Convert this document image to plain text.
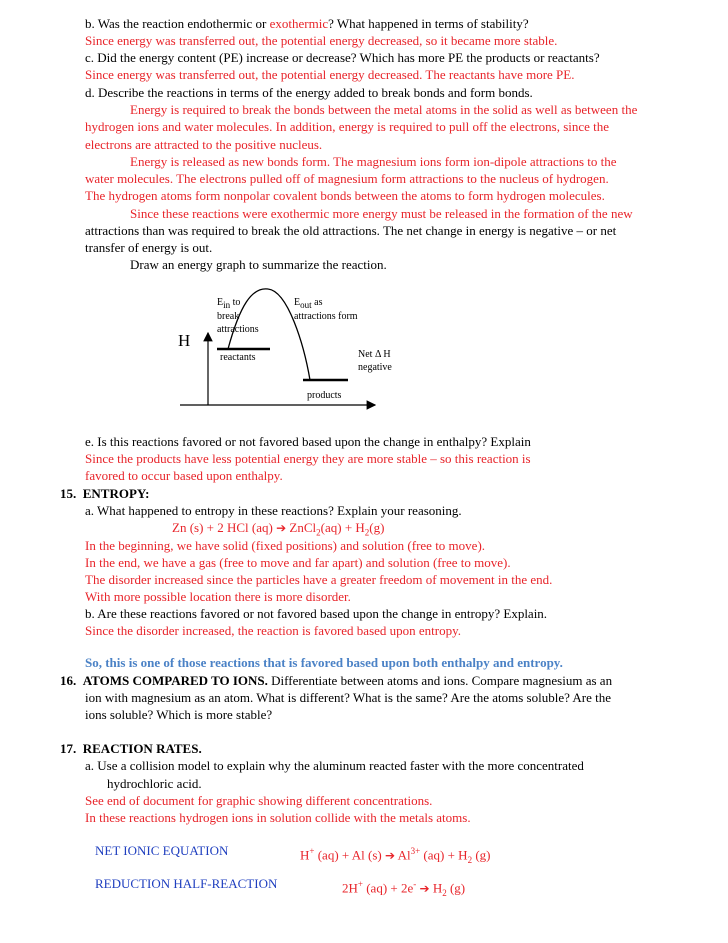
b. Was the reaction endothermic or exothermic? What happened in terms of stability?
Since energy was transferred out, the potential energy decreased, so it became more stable.
c. Did the energy content (PE) increase or decrease? Which has more PE the products or reactants?
Since energy was transferred out, the potential energy decreased. The reactants have more PE.
d. Describe the reactions in terms of the energy added to break bonds and form bonds.
Energy is required to break the bonds between the metal atoms in the solid as well as between the
hydrogen ions and water molecules. In addition, energy is required to pull off the electrons, since the
electrons are attracted to the positive nucleus.
Energy is released as new bonds form. The magnesium ions form ion-dipole attractions to the
water molecules. The electrons pulled off of magnesium form attractions to the nucleus of hydrogen.
The hydrogen atoms form nonpolar covalent bonds between the atoms to form hydrogen molecules.
Since these reactions were exothermic more energy must be released in the formation of the new
attractions than was required to break the old attractions. The net change in energy is negative – or net
transfer of energy is out.
Draw an energy graph to summarize the reaction.
$E_{in}$ to
break
attractions
$E_{out}$ as
attractions form
H
reactants	Net Δ H
negative
products
e. Is this reactions favored or not favored based upon the change in enthalpy? Explain
Since the products have less potential energy they are more stable – so this reaction is
favored to occur based upon enthalpy.
15. ENTROPY:
a. What happened to entropy in these reactions? Explain your reasoning.
Zn (s) + 2 HCl (aq) ➔ ZnCl$_2$(aq) + $H_2(g)$
In the beginning, we have solid (fixed positions) and solution (free to move).
In the end, we have a gas (free to move and far apart) and solution (free to move).
The disorder increased since the particles have a greater freedom of movement in the end.
With more possible location there is more disorder.
b. Are these reactions favored or not favored based upon the change in entropy? Explain.
Since the disorder increased, the reaction is favored based upon entropy.
So, this is one of those reactions that is favored based upon both enthalpy and entropy.
16. ATOMS COMPARED TO IONS. Differentiate between atoms and ions. Compare magnesium as an
ion with magnesium as an atom. What is different? What is the same? Are the atoms soluble? Are the
ions soluble? Which is more stable?
17. REACTION RATES.
a. Use a collision model to explain why the aluminum reacted faster with the more concentrated
hydrochloric acid.
See end of document for graphic showing different concentrations.
In these reactions hydrogen ions in solution collide with the metals atoms.
NET IONIC EQUATION	H+ (aq) + Al (s) ➔ $Al^{3+}$ $(aq) + H_2$ (g)
REDUCTION HALF-REACTION	2H+ (aq) + 2e- ➔ $H_2$ (g)
